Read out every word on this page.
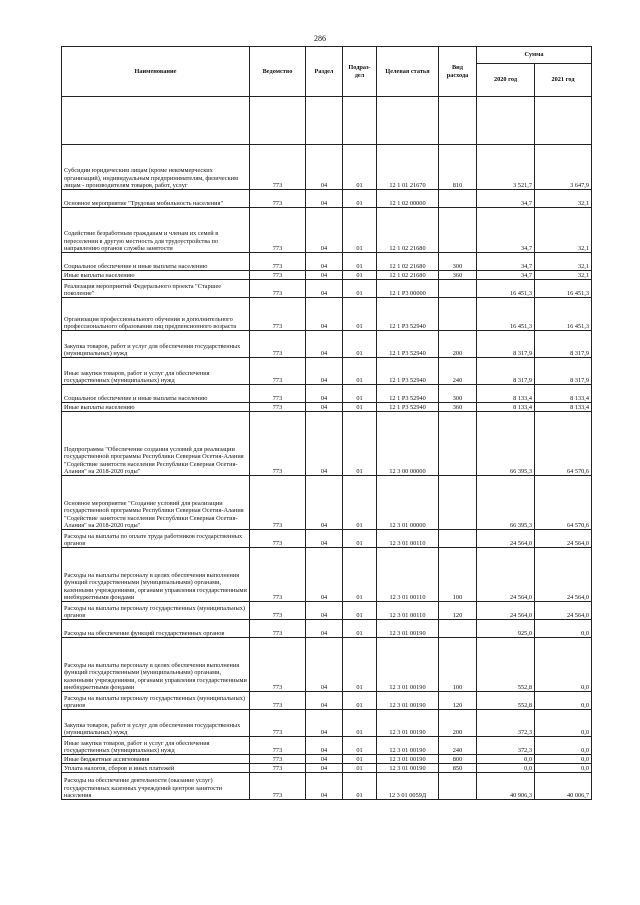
286
Наименование	Ведомство	Раздел	Подраз-дел	Целевая статья	Вид расхода	Сумма	
						2020 год	2021 год

Субсидии юридическим лицам (кроме некоммерческих организаций), индивидуальным предпринимателям, физическим лицам - производителям товаров, работ, услуг	773	04	01	12 1 01 21670	810	3 521,7	3 647,9
Основное мероприятие "Трудовая мобильность населения"	773	04	01	12 1 02 00000		34,7	32,1
Содействие безработным гражданам и членам их семей в переселении в другую местность для трудоустройства по направлению органов службы занятости	773	04	01	12 1 02 21680		34,7	32,1
Социальное обеспечение и иные выплаты населению	773	04	01	12 1 02 21680	300	34,7	32,1
Иные выплаты населению	773	04	01	12 1 02 21680	360	34,7	32,1
Реализация мероприятий Федерального проекта "Старшее поколение"	773	04	01	12 1 P3 00000		16 451,3	16 451,3
Организация профессионального обучения и дополнительного профессионального образования лиц предпенсионного возраста	773	04	01	12 1 P3 52940		16 451,3	16 451,3
Закупка товаров, работ и услуг для обеспечения государственных (муниципальных) нужд	773	04	01	12 1 P3 52940	200	8 317,9	8 317,9
Иные закупки товаров, работ и услуг для обеспечения государственных (муниципальных) нужд	773	04	01	12 1 P3 52940	240	8 317,9	8 317,9
Социальное обеспечение и иные выплаты населению	773	04	01	12 1 P3 52940	300	8 133,4	8 133,4
Иные выплаты населению	773	04	01	12 1 P3 52940	360	8 133,4	8 133,4
Подпрограмма "Обеспечение создания условий для реализации государственной программы Республики Северная Осетия-Алания "Содействие занятости населения Республики Северная Осетия-Алания" на 2018-2020 годы"	773	04	01	12 3 00 00000		66 395,3	64 570,6
Основное мероприятие "Создание условий для реализации государственной программы Республики Северная Осетия-Алания "Содействие занятости населения Республики Северная Осетия-Алания" на 2018-2020 годы"	773	04	01	12 3 01 00000		66 395,3	64 570,6
Расходы на выплаты по оплате труда работников государственных органов	773	04	01	12 3 01 00110		24 564,0	24 564,0
Расходы на выплаты персоналу в целях обеспечения выполнения функций государственными (муниципальными) органами, казенными учреждениями, органами управления государственными внебюджетными фондами	773	04	01	12 3 01 00110	100	24 564,0	24 564,0
Расходы на выплаты персоналу государственных (муниципальных) органов	773	04	01	12 3 01 00110	120	24 564,0	24 564,0
Расходы на обеспечение функций государственных органов	773	04	01	12 3 01 00190		925,0	0,0
Расходы на выплаты персоналу в целях обеспечения выполнения функций государственными (муниципальными) органами, казенными учреждениями, органами управления государственными внебюджетными фондами	773	04	01	12 3 01 00190	100	552,8	0,0
Расходы на выплаты персоналу государственных (муниципальных) органов	773	04	01	12 3 01 00190	120	552,8	0,0
Закупка товаров, работ и услуг для обеспечения государственных (муниципальных) нужд	773	04	01	12 3 01 00190	200	372,3	0,0
Иные закупки товаров, работ и услуг для обеспечения государственных (муниципальных) нужд	773	04	01	12 3 01 00190	240	372,3	0,0
Иные бюджетные ассигнования	773	04	01	12 3 01 00190	800	0,0	0,0
Уплата налогов, сборов и иных платежей	773	04	01	12 3 01 00190	850	0,0	0,0
Расходы на обеспечение деятельности (оказание услуг) государственных казенных учреждений центров занятости населения	773	04	01	12 3 01 0059Д		40 906,3	40 006,7
